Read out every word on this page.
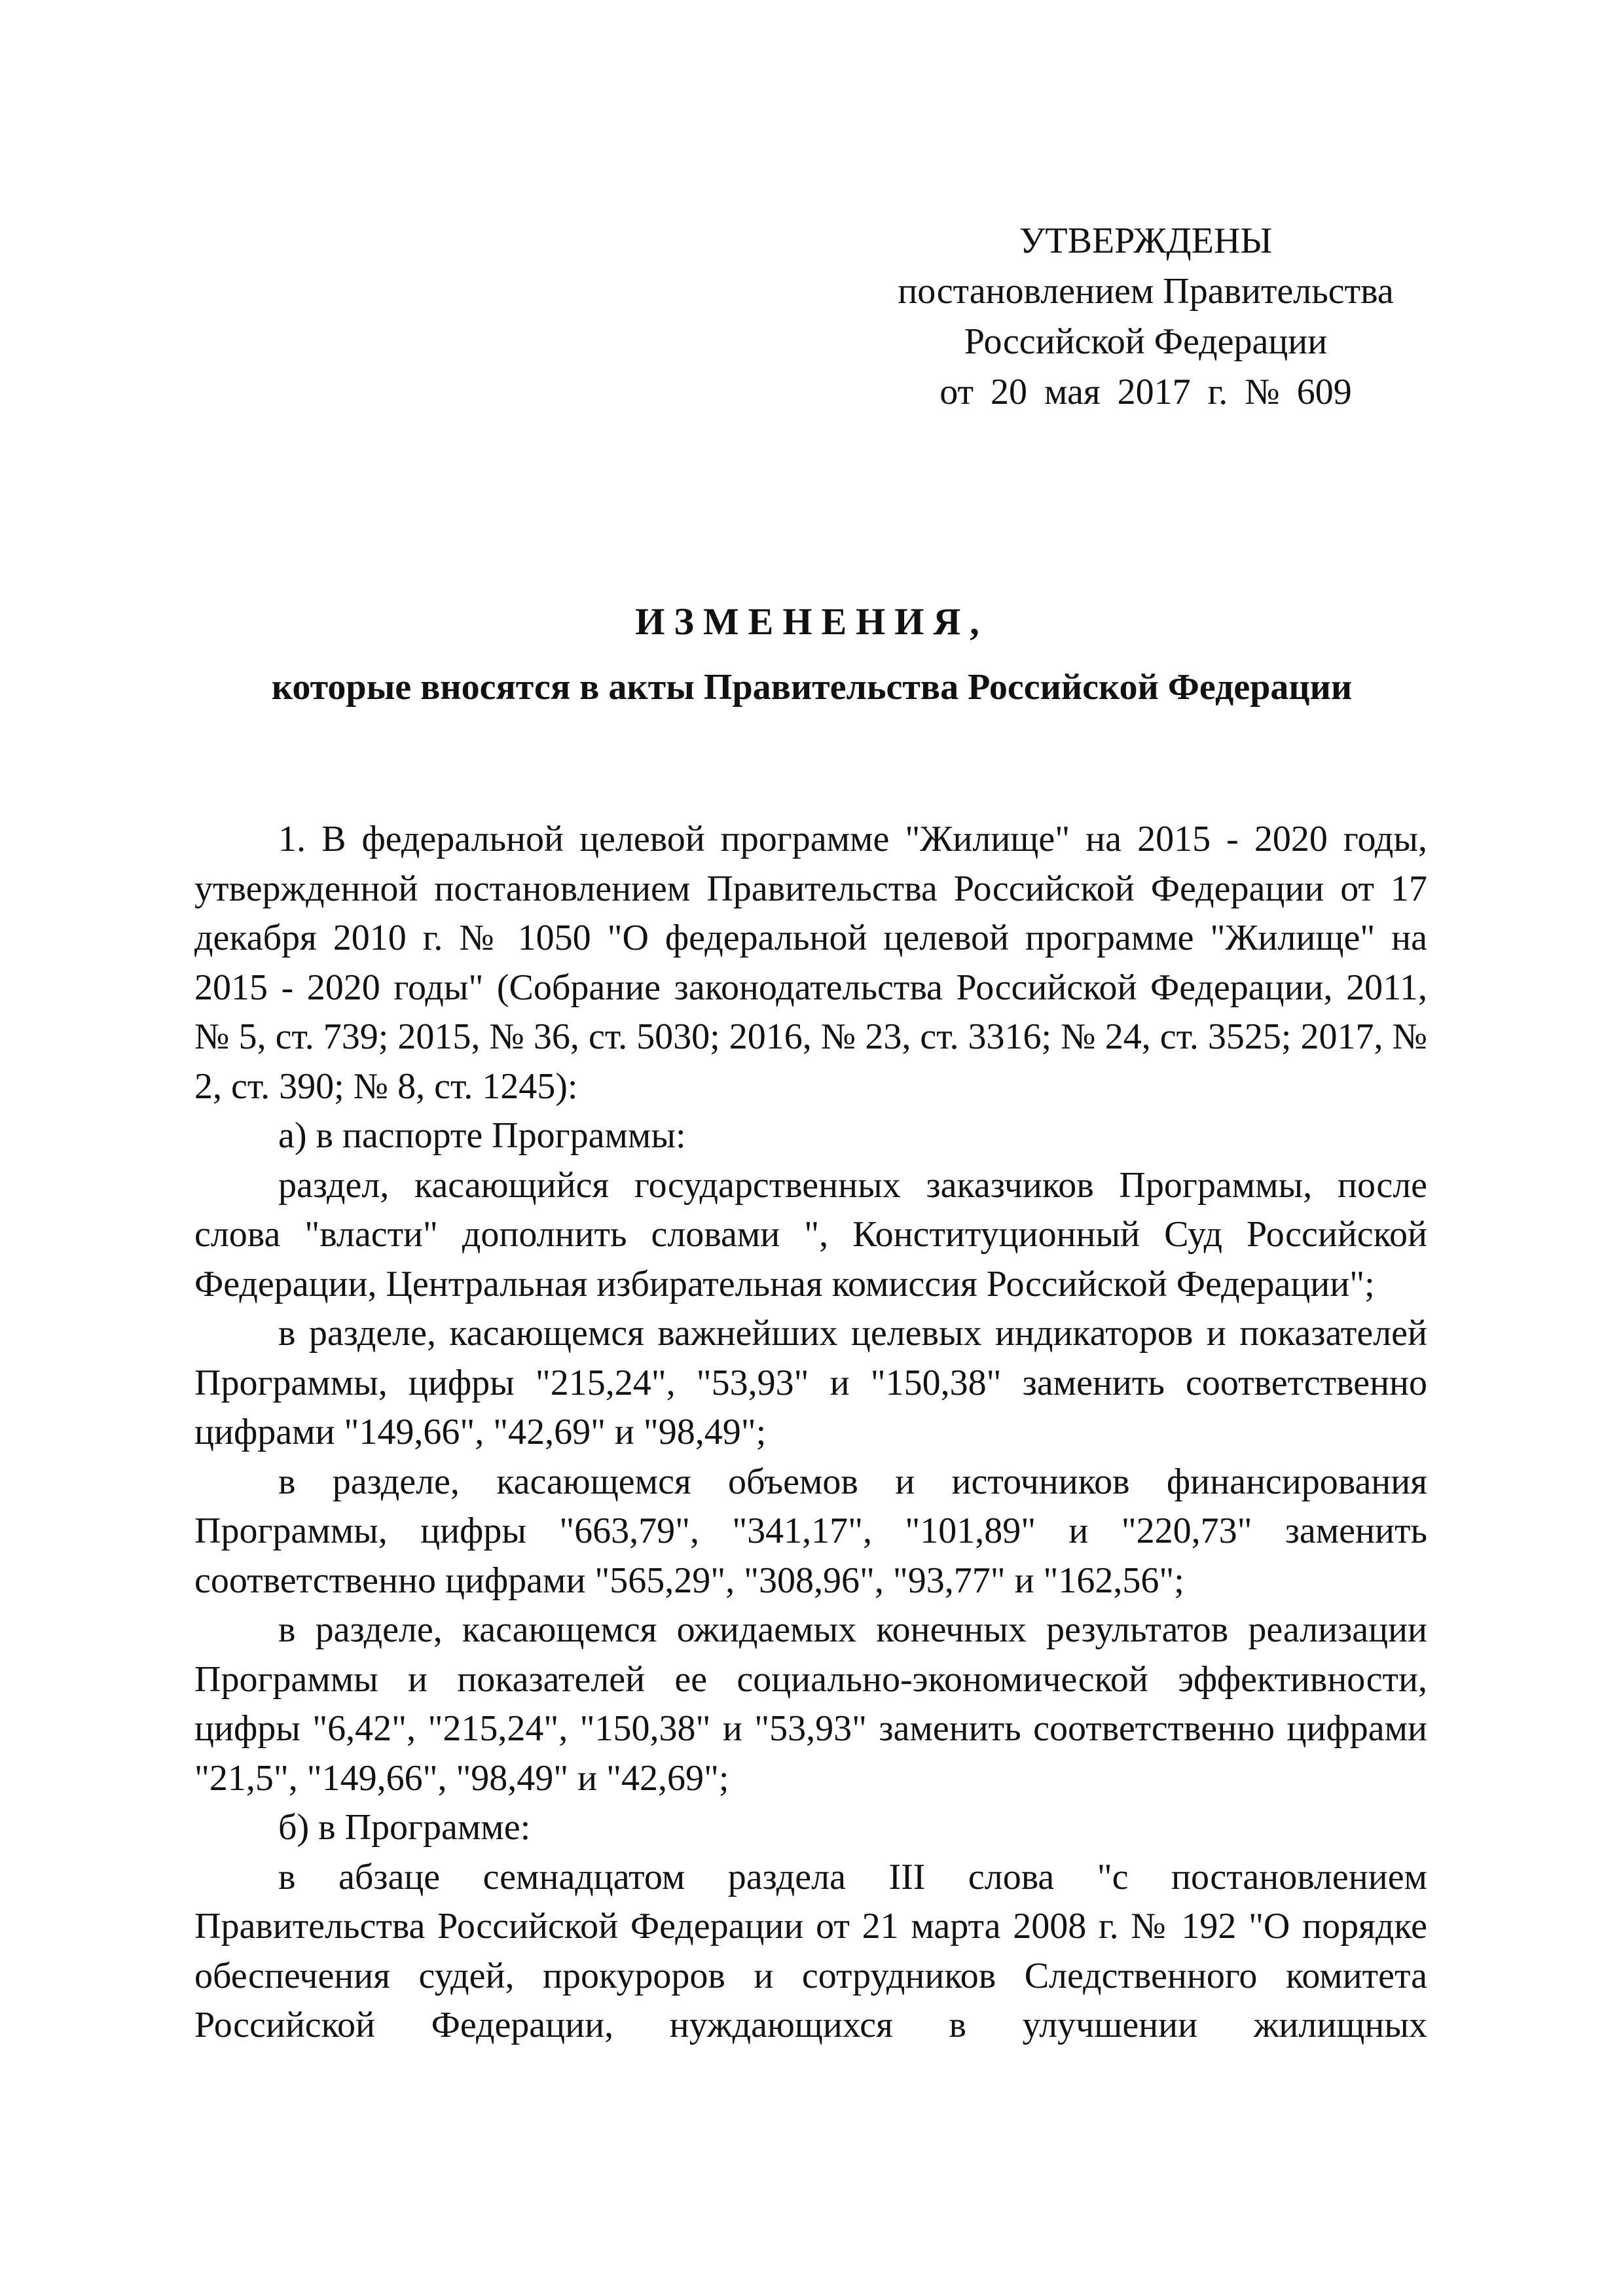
УТВЕРЖДЕНЫ
постановлением Правительства
Российской Федерации
от 20 мая 2017 г. № 609
ИЗМЕНЕНИЯ,
которые вносятся в акты Правительства Российской Федерации

1. В федеральной целевой программе "Жилище" на 2015 - 2020 годы, утвержденной постановлением Правительства Российской Федерации от 17 декабря 2010 г. № 1050 "О федеральной целевой программе "Жилище" на 2015 - 2020 годы" (Собрание законодательства Российской Федерации, 2011, № 5, ст. 739; 2015, № 36, ст. 5030; 2016, № 23, ст. 3316; № 24, ст. 3525; 2017, № 2, ст. 390; № 8, ст. 1245):

а) в паспорте Программы:

раздел, касающийся государственных заказчиков Программы, после слова "власти" дополнить словами ", Конституционный Суд Российской Федерации, Центральная избирательная комиссия Российской Федерации";

в разделе, касающемся важнейших целевых индикаторов и показателей Программы, цифры "215,24", "53,93" и "150,38" заменить соответственно цифрами "149,66", "42,69" и "98,49";

в разделе, касающемся объемов и источников финансирования Программы, цифры "663,79", "341,17", "101,89" и "220,73" заменить соответственно цифрами "565,29", "308,96", "93,77" и "162,56";

в разделе, касающемся ожидаемых конечных результатов реализации Программы и показателей ее социально-экономической эффективности, цифры "6,42", "215,24", "150,38" и "53,93" заменить соответственно цифрами "21,5", "149,66", "98,49" и "42,69";

б) в Программе:

в абзаце семнадцатом раздела III слова "с постановлением Правительства Российской Федерации от 21 марта 2008 г. № 192 "О порядке обеспечения судей, прокуроров и сотрудников Следственного комитета Российской Федерации, нуждающихся в улучшении жилищных
